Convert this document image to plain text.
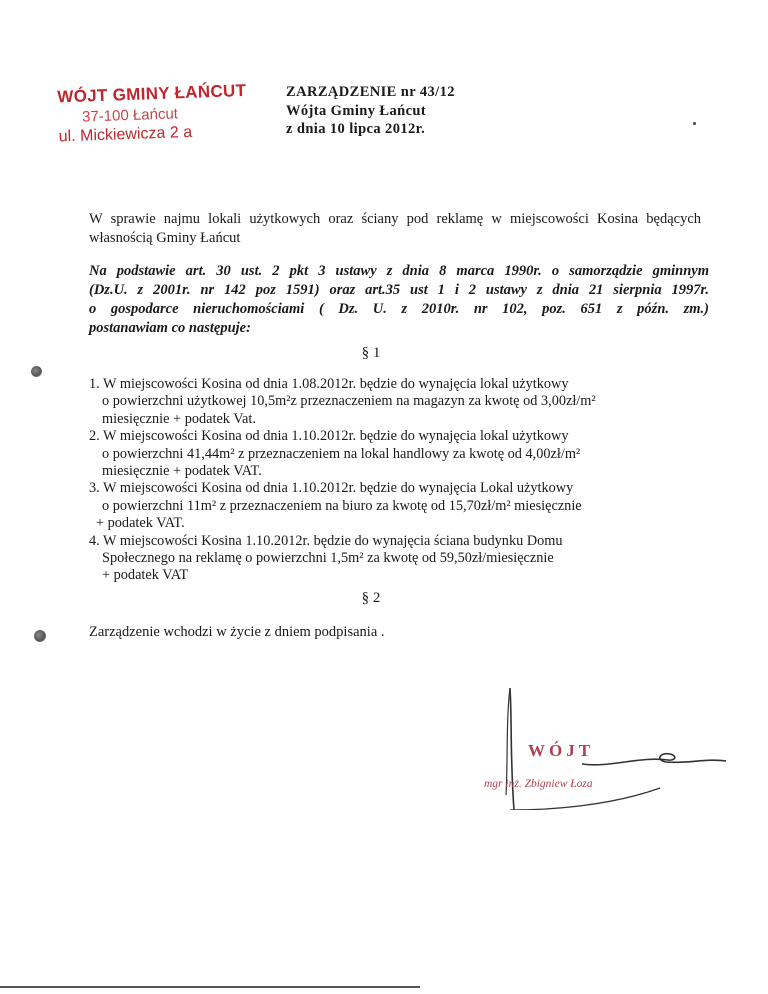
WÓJT GMINY ŁAŃCUT
37-100 Łańcut
ul. Mickiewicza 2 a
ZARZĄDZENIE nr 43/12
Wójta Gminy Łańcut
z dnia 10 lipca 2012r.
W sprawie najmu lokali użytkowych oraz ściany pod reklamę w miejscowości Kosina będących własnością Gminy Łańcut
Na podstawie art. 30 ust. 2 pkt 3 ustawy z dnia 8 marca 1990r. o samorządzie gminnym
(Dz.U. z 2001r. nr 142 poz 1591) oraz art.35 ust 1 i 2 ustawy z dnia 21 sierpnia 1997r.
o gospodarce nieruchomościami ( Dz. U. z 2010r. nr 102, poz. 651 z późn. zm.)
postanawiam co następuje:
§ 1
1. W miejscowości Kosina od dnia 1.08.2012r. będzie do wynajęcia lokal użytkowy
o powierzchni użytkowej 10,5m²z przeznaczeniem na magazyn za kwotę od 3,00zł/m²
miesięcznie + podatek Vat.
2. W miejscowości Kosina od dnia 1.10.2012r. będzie do wynajęcia lokal użytkowy
o powierzchni 41,44m² z przeznaczeniem na lokal handlowy za kwotę od 4,00zł/m²
miesięcznie + podatek VAT.
3. W miejscowości Kosina od dnia 1.10.2012r. będzie do wynajęcia Lokal użytkowy
o powierzchni 11m² z przeznaczeniem na biuro za kwotę od 15,70zł/m² miesięcznie
+ podatek VAT.
4. W miejscowości Kosina 1.10.2012r. będzie do wynajęcia ściana budynku Domu
Społecznego na reklamę o powierzchni 1,5m² za kwotę od 59,50zł/miesięcznie
+ podatek VAT
§ 2
Zarządzenie wchodzi w życie z dniem podpisania .
WÓJT
mgr inż. Zbigniew Łoza
